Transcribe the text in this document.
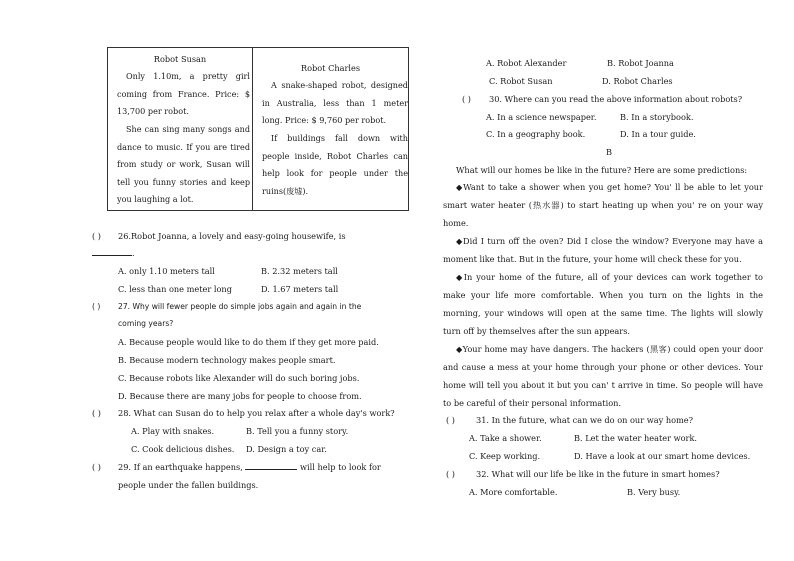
Robot Susan
Only 1.10m, a pretty girl coming from France. Price: $ 13,700 per robot.
She can sing many songs and dance to music. If you are tired from study or work, Susan will tell you funny stories and keep you laughing a lot.
Robot Charles
A snake-shaped robot, designed in Australia, less than 1 meter long. Price: $ 9,760 per robot.
If buildings fall down with people inside, Robot Charles can help look for people under the ruins(废墟).
( ) 26.Robot Joanna, a lovely and easy-going housewife, is
.
A. only 1.10 meters tall	B. 2.32 meters tall
C. less than one meter long	D. 1.67 meters tall
( ) 27. Why will fewer people do simple jobs again and again in the
coming years?
A. Because people would like to do them if they get more paid.
B. Because modern technology makes people smart.
C. Because robots like Alexander will do such boring jobs.
D. Because there are many jobs for people to choose from.
( ) 28. What can Susan do to help you relax after a whole day's work?
A. Play with snakes.	B. Tell you a funny story.
C. Cook delicious dishes. D. Design a toy car.
( ) 29. If an earthquake happens,	will help to look for
people under the fallen buildings.
A. Robot Alexander	B. Robot Joanna
C. Robot Susan	D. Robot Charles
( ) 30. Where can you read the above information about robots?
A. In a science newspaper.	B. In a storybook.
C. In a geography book.	D. In a tour guide.
B
What will our homes be like in the future? Here are some predictions:
◆Want to take a shower when you get home? You' ll be able to let your smart water heater (热水器) to start heating up when you' re on your way home.
◆Did I turn off the oven? Did I close the window? Everyone may have a moment like that. But in the future, your home will check these for you.
◆In your home of the future, all of your devices can work together to make your life more comfortable. When you turn on the lights in the morning, your windows will open at the same time. The lights will slowly turn off by themselves after the sun appears.
◆Your home may have dangers. The hackers (黑客) could open your door and cause a mess at your home through your phone or other devices. Your home will tell you about it but you can' t arrive in time. So people will have to be careful of their personal information.
( )	31. In the future, what can we do on our way home?
A. Take a shower.	B. Let the water heater work.
C. Keep working.	D. Have a look at our smart home devices.
( )	32. What will our life be like in the future in smart homes?
A. More comfortable.	B. Very busy.
